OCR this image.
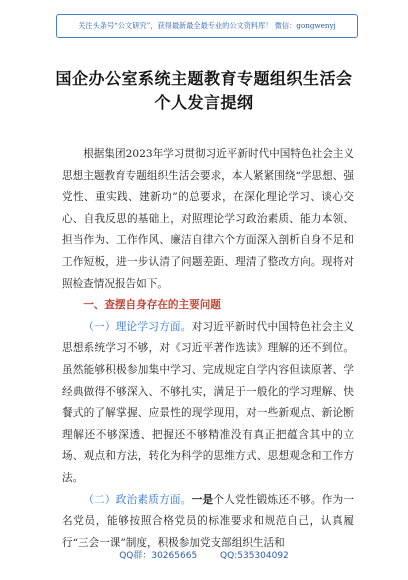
关注头条号“公文研究”，获得最新最全最专业的公文资料库！ 微信：gongwenyj
国企办公室系统主题教育专题组织生活会
个人发言提纲

根据集团2023年学习贯彻习近平新时代中国特色社会主义思想主题教育专题组织生活会要求，本人紧紧围绕“学思想、强党性、重实践、建新功”的总要求，在深化理论学习、谈心交心、自我反思的基础上，对照理论学习政治素质、能力本领、担当作为、工作作风、廉洁自律六个方面深入剖析自身不足和工作短板，进一步认清了问题差距、理清了整改方向。现将对照检查情况报告如下。

一、查摆自身存在的主要问题

（一）理论学习方面。对习近平新时代中国特色社会主义思想系统学习不够，对《习近平著作选读》理解的还不到位。虽然能够积极参加集中学习、完成规定自学内容但读原著、学经典做得不够深入、不够扎实，满足于一般化的学习理解、快餐式的了解掌握、应景性的现学现用，对一些新观点、新论断理解还不够深透、把握还不够精准没有真正把蕴含其中的立场、观点和方法，转化为科学的思维方式、思想观念和工作方法。

（二）政治素质方面。一是个人党性锻炼还不够。作为一名党员，能够按照合格党员的标准要求和规范自己，认真履行“三会一课”制度，积极参加党支部组织生活和

QQ群：30265665	QQ:535304092
